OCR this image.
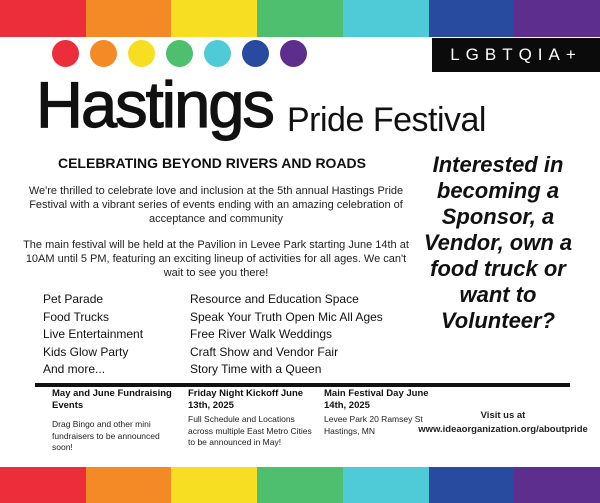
LGBTQIA+
Hastings Pride Festival
CELEBRATING BEYOND RIVERS AND ROADS
We're thrilled to celebrate love and inclusion at the 5th annual Hastings Pride Festival with a vibrant series of events ending with an amazing celebration of acceptance and community
The main festival will be held at the Pavilion in Levee Park starting June 14th at 10AM until 5 PM, featuring an exciting lineup of activities for all ages. We can't wait to see you there!
Pet Parade
Food Trucks
Live Entertainment
Kids Glow Party
And more...
Resource and Education Space
Speak Your Truth Open Mic All Ages
Free River Walk Weddings
Craft Show and Vendor Fair
Story Time with a Queen
Interested in becoming a Sponsor, a Vendor, own a food truck or want to Volunteer?
May and June Fundraising Events
Drag Bingo and other mini fundraisers to be announced soon!
Friday Night Kickoff June 13th, 2025
Full Schedule and Locations across multiple East Metro Cities to be announced in May!
Main Festival Day June 14th, 2025
Levee Park 20 Ramsey St Hastings, MN
Visit us at
www.ideaorganization.org/aboutpride
